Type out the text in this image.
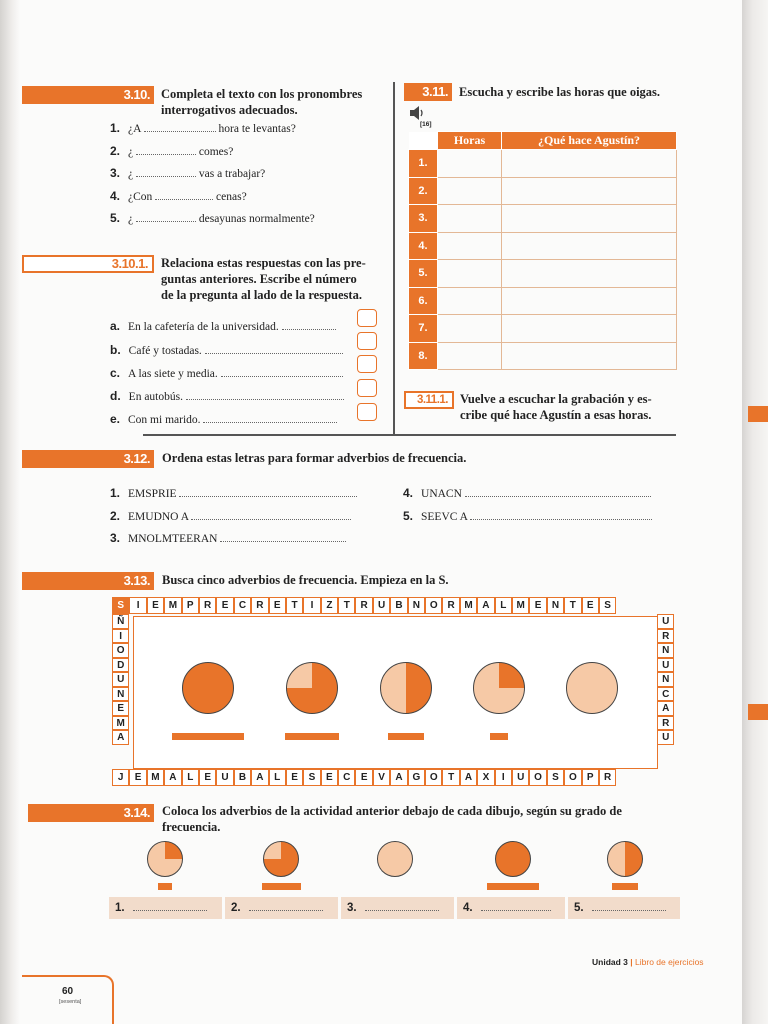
3.10. Completa el texto con los pronombres
interrogativos adecuados.
1. ¿A	hora te levantas?
2. ¿	comes?
3. ¿	vas a trabajar?
4. ¿Con	cenas?
5. ¿	desayunas normalmente?
3.10.1.	Relaciona estas respuestas con las pre-
guntas anteriores. Escribe el número
de la pregunta al lado de la respuesta.
a. En la cafetería de la universidad.
b. Café y tostadas.
c. A las siete y media.
d. En autobús.
e. Con mi marido.
3.11. Escucha y escribe las horas que oigas.
[16]
	Horas	¿Qué hace Agustín?
1.		
2.		
3.		
4.		
5.		
6.		
7.		
8.		
3.11.1. Vuelve a escuchar la grabación y es-
cribe qué hace Agustín a esas horas.
3.12. Ordena estas letras para formar adverbios de frecuencia.
1. EMSPRIE
2. EMUDNO A
3. MNOLMTEERAN
4. UNACN
5. SEEVC A
3.13. Busca cinco adverbios de frecuencia. Empieza en la S.
S	I	E M P	R	E	C	R	E	T	I	Z	T	R	U	B	N O R M A	L	M E	N	T	E	S
Ñ
I
O
D
U
N
E
M
A
U
R
N
U
N
C
A
R
U
J	E M A	L	E	U	B	A	L	E	S	E	C	E	V	A G O	T	A	X	I	U O	S	O	P	R
3.14. Coloca los adverbios de la actividad anterior debajo de cada dibujo, según su grado de
frecuencia.
1.	2.	3.	4.	5.
60
[sesenta]
Unidad 3 | Libro de ejercicios
